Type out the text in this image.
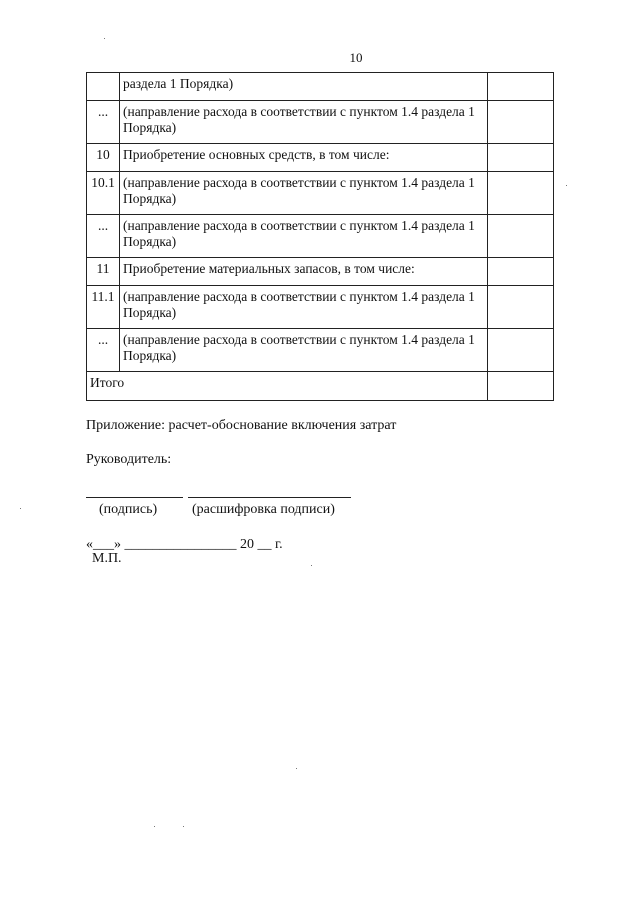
10
	раздела 1 Порядка)	
...	(направление расхода в соответствии с пунктом 1.4 раздела 1 Порядка)	
10	Приобретение основных средств, в том числе:	
10.1	(направление расхода в соответствии с пунктом 1.4 раздела 1 Порядка)	
...	(направление расхода в соответствии с пунктом 1.4 раздела 1 Порядка)	
11	Приобретение материальных запасов, в том числе:	
11.1	(направление расхода в соответствии с пунктом 1.4 раздела 1 Порядка)	
...	(направление расхода в соответствии с пунктом 1.4 раздела 1 Порядка)	
Итого		
Приложение: расчет-обоснование включения затрат
Руководитель:
(подпись) (расшифровка подписи)
«___» ________________ 20 __ г.
М.П.
